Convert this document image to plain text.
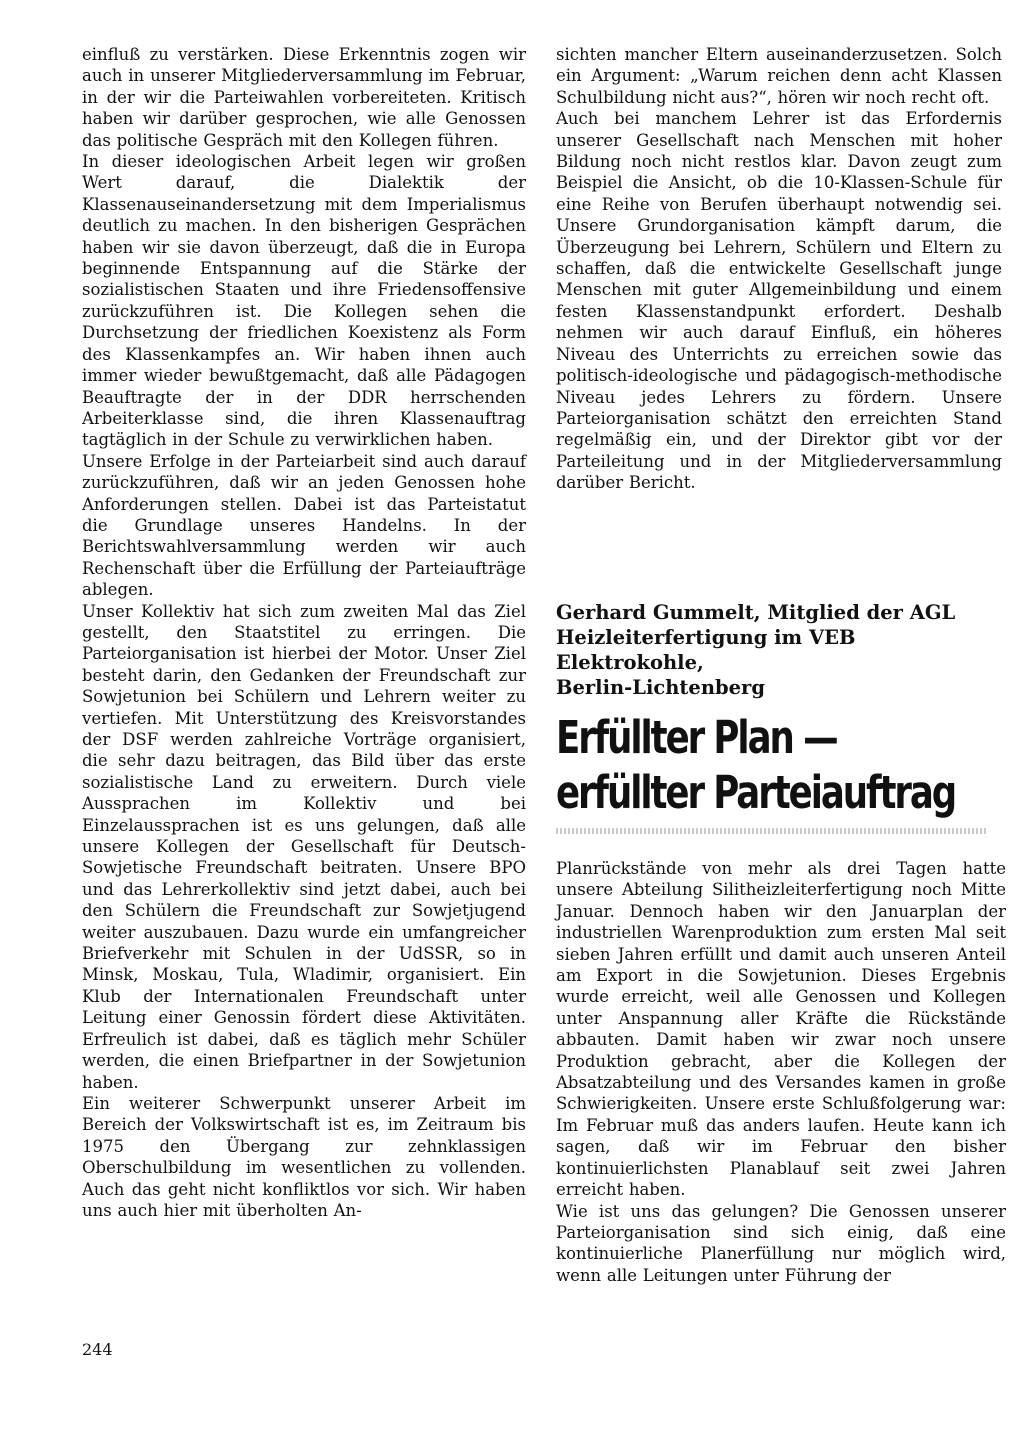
einfluß zu verstärken. Diese Erkenntnis zogen wir auch in unserer Mitgliederversammlung im Februar, in der wir die Parteiwahlen vorbereiteten. Kritisch haben wir darüber gesprochen, wie alle Genossen das politische Gespräch mit den Kollegen führen.

In dieser ideologischen Arbeit legen wir großen Wert darauf, die Dialektik der Klassenauseinandersetzung mit dem Imperialismus deutlich zu machen. In den bisherigen Gesprächen haben wir sie davon überzeugt, daß die in Europa beginnende Entspannung auf die Stärke der sozialistischen Staaten und ihre Friedensoffensive zurückzuführen ist. Die Kollegen sehen die Durchsetzung der friedlichen Koexistenz als Form des Klassenkampfes an. Wir haben ihnen auch immer wieder bewußtgemacht, daß alle Pädagogen Beauftragte der in der DDR herrschenden Arbeiterklasse sind, die ihren Klassenauftrag tagtäglich in der Schule zu verwirklichen haben.

Unsere Erfolge in der Parteiarbeit sind auch darauf zurückzuführen, daß wir an jeden Genossen hohe Anforderungen stellen. Dabei ist das Parteistatut die Grundlage unseres Handelns. In der Berichtswahlversammlung werden wir auch Rechenschaft über die Erfüllung der Parteiaufträge ablegen.

Unser Kollektiv hat sich zum zweiten Mal das Ziel gestellt, den Staatstitel zu erringen. Die Parteiorganisation ist hierbei der Motor. Unser Ziel besteht darin, den Gedanken der Freundschaft zur Sowjetunion bei Schülern und Lehrern weiter zu vertiefen. Mit Unterstützung des Kreisvorstandes der DSF werden zahlreiche Vorträge organisiert, die sehr dazu beitragen, das Bild über das erste sozialistische Land zu erweitern. Durch viele Aussprachen im Kollektiv und bei Einzelaussprachen ist es uns gelungen, daß alle unsere Kollegen der Gesellschaft für Deutsch-Sowjetische Freundschaft beitraten. Unsere BPO und das Lehrerkollektiv sind jetzt dabei, auch bei den Schülern die Freundschaft zur Sowjetjugend weiter auszubauen. Dazu wurde ein umfangreicher Briefverkehr mit Schulen in der UdSSR, so in Minsk, Moskau, Tula, Wladimir, organisiert. Ein Klub der Internationalen Freundschaft unter Leitung einer Genossin fördert diese Aktivitäten. Erfreulich ist dabei, daß es täglich mehr Schüler werden, die einen Briefpartner in der Sowjetunion haben.

Ein weiterer Schwerpunkt unserer Arbeit im Bereich der Volkswirtschaft ist es, im Zeitraum bis 1975 den Übergang zur zehnklassigen Oberschulbildung im wesentlichen zu vollenden. Auch das geht nicht konfliktlos vor sich. Wir haben uns auch hier mit überholten An-

sichten mancher Eltern auseinanderzusetzen. Solch ein Argument: „Warum reichen denn acht Klassen Schulbildung nicht aus?“, hören wir noch recht oft.

Auch bei manchem Lehrer ist das Erfordernis unserer Gesellschaft nach Menschen mit hoher Bildung noch nicht restlos klar. Davon zeugt zum Beispiel die Ansicht, ob die 10-Klassen-Schule für eine Reihe von Berufen überhaupt notwendig sei. Unsere Grundorganisation kämpft darum, die Überzeugung bei Lehrern, Schülern und Eltern zu schaffen, daß die entwickelte Gesellschaft junge Menschen mit guter Allgemeinbildung und einem festen Klassenstandpunkt erfordert. Deshalb nehmen wir auch darauf Einfluß, ein höheres Niveau des Unterrichts zu erreichen sowie das politisch-ideologische und pädagogisch-methodische Niveau jedes Lehrers zu fördern. Unsere Parteiorganisation schätzt den erreichten Stand regelmäßig ein, und der Direktor gibt vor der Parteileitung und in der Mitgliederversammlung darüber Bericht.

Gerhard Gummelt, Mitglied der AGL
Heizleiterfertigung im VEB Elektrokohle,
Berlin-Lichtenberg
Erfüllter Plan —
erfüllter Parteiauftrag

Planrückstände von mehr als drei Tagen hatte unsere Abteilung Silitheizleiterfertigung noch Mitte Januar. Dennoch haben wir den Januarplan der industriellen Warenproduktion zum ersten Mal seit sieben Jahren erfüllt und damit auch unseren Anteil am Export in die Sowjetunion. Dieses Ergebnis wurde erreicht, weil alle Genossen und Kollegen unter Anspannung aller Kräfte die Rückstände abbauten. Damit haben wir zwar noch unsere Produktion gebracht, aber die Kollegen der Absatzabteilung und des Versandes kamen in große Schwierigkeiten. Unsere erste Schlußfolgerung war: Im Februar muß das anders laufen. Heute kann ich sagen, daß wir im Februar den bisher kontinuierlichsten Planablauf seit zwei Jahren erreicht haben.

Wie ist uns das gelungen? Die Genossen unserer Parteiorganisation sind sich einig, daß eine kontinuierliche Planerfüllung nur möglich wird, wenn alle Leitungen unter Führung der

244
